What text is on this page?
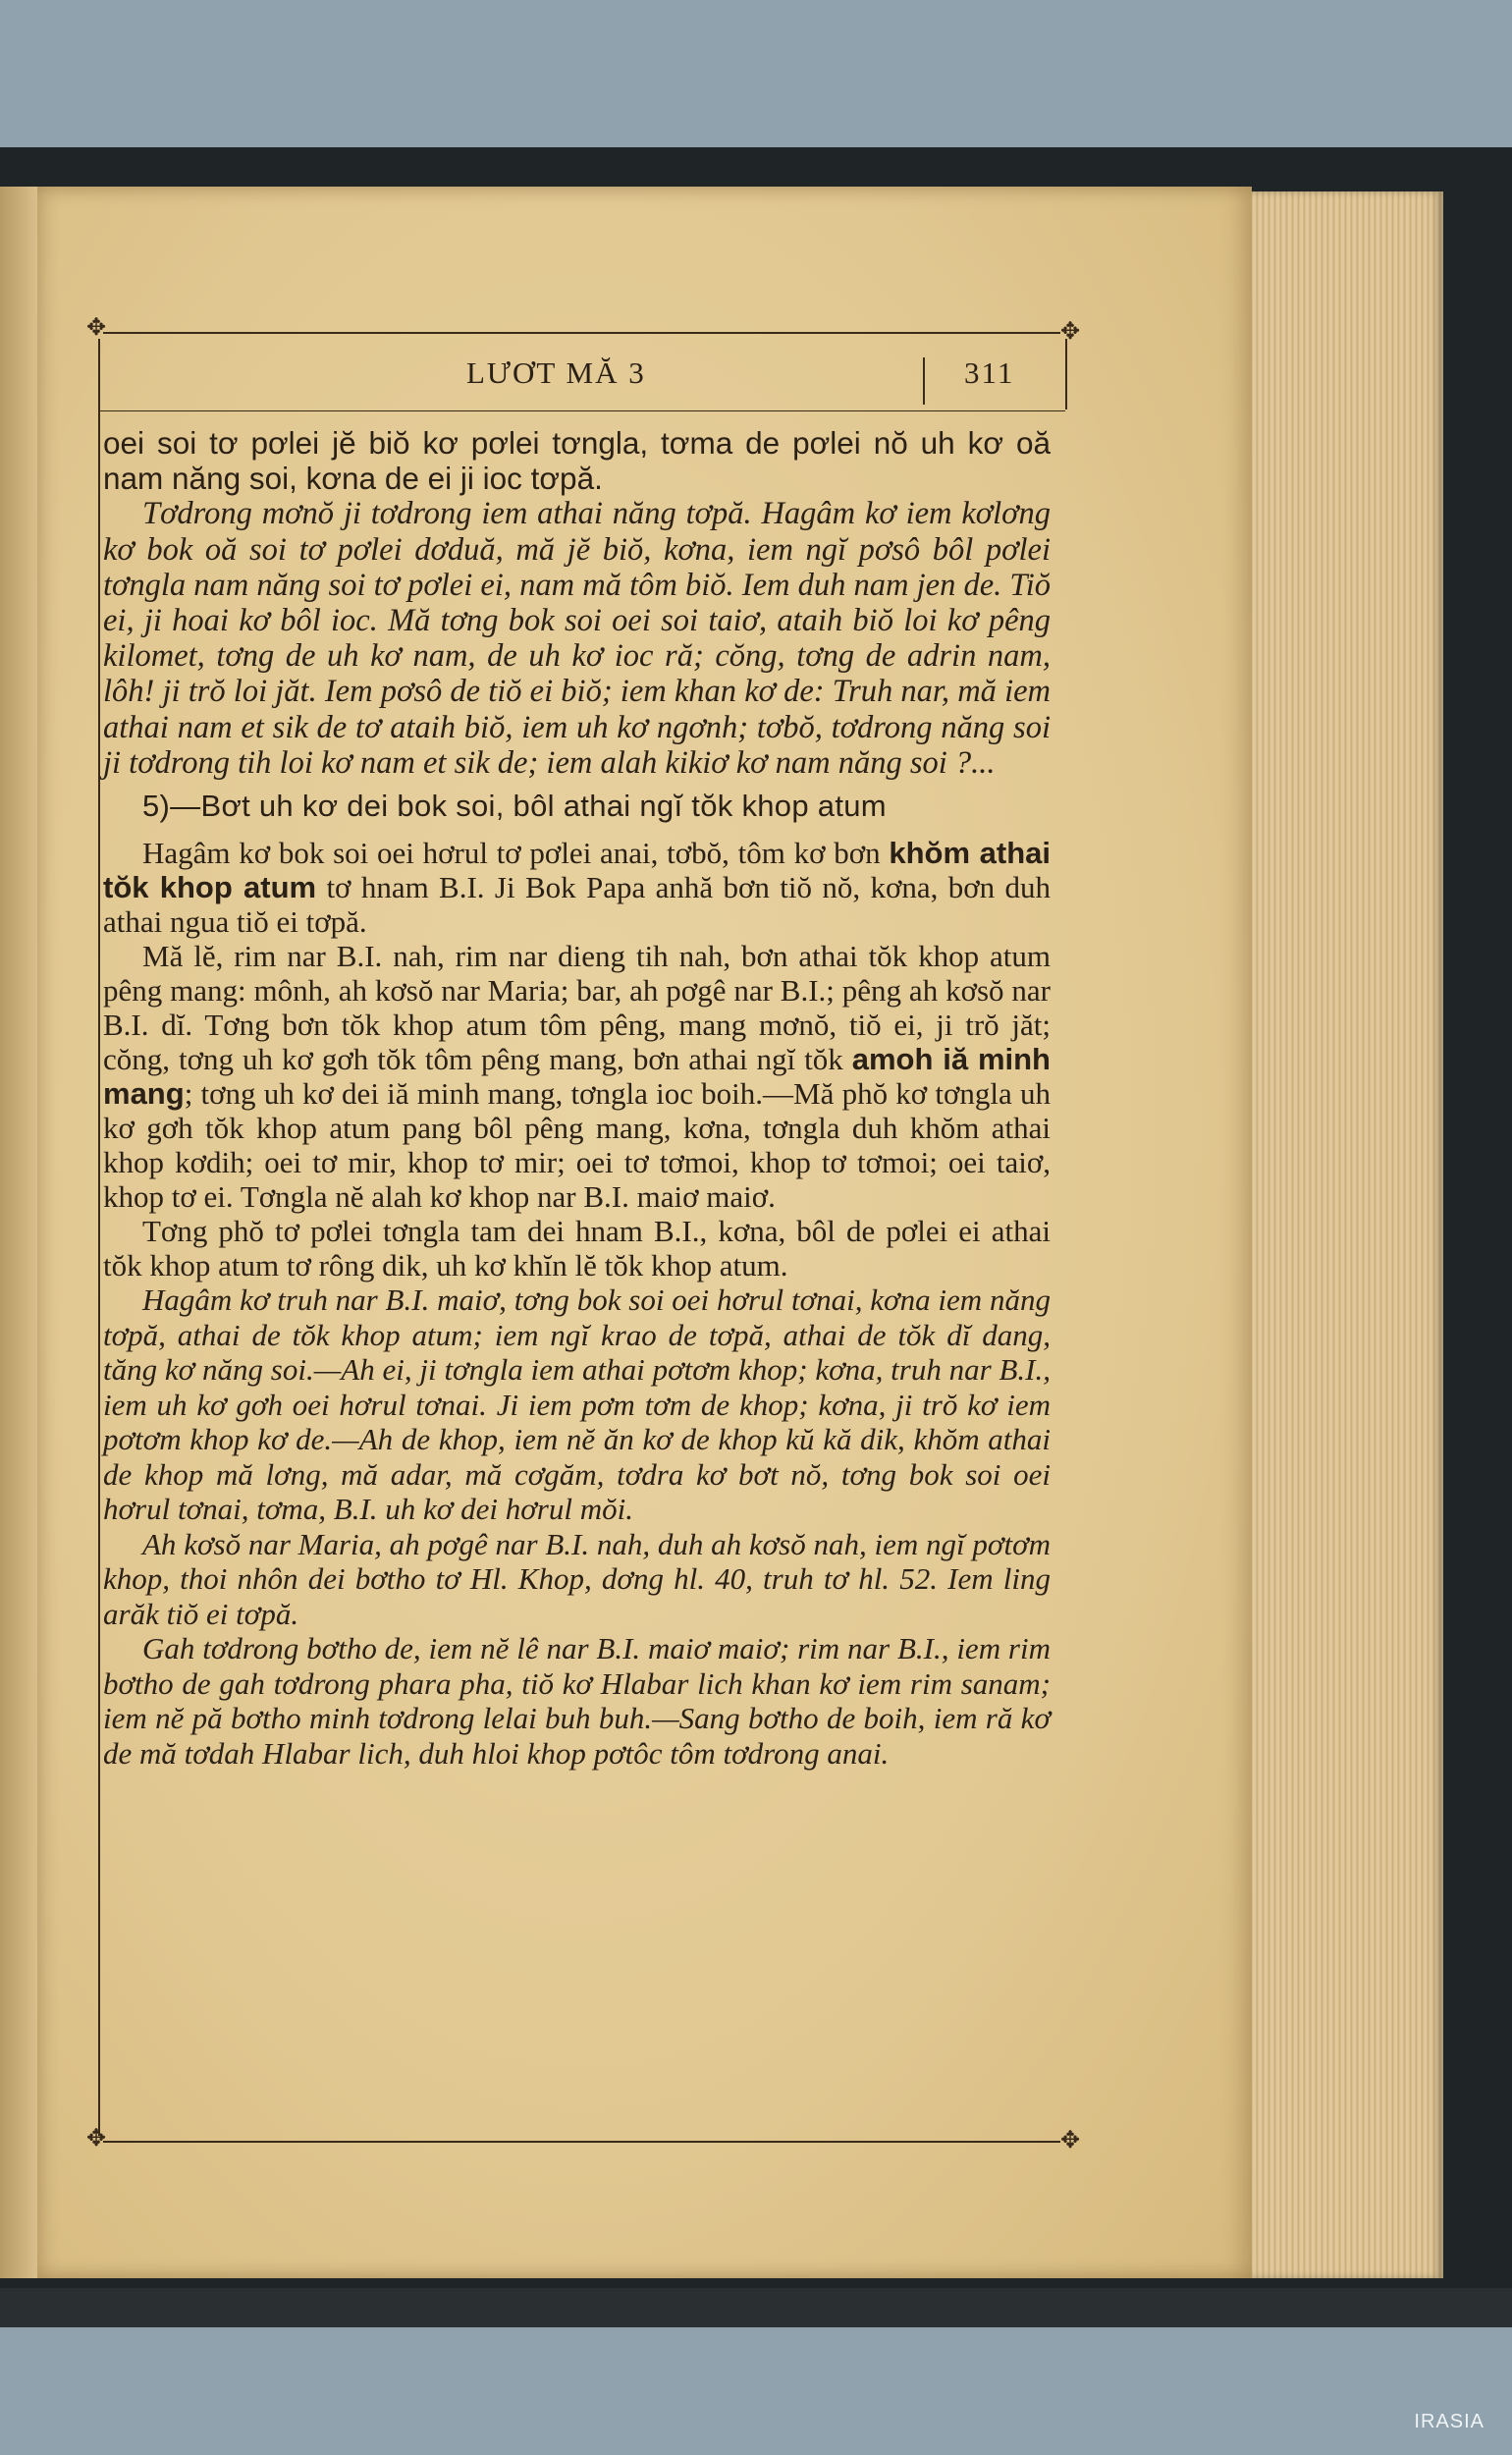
✥	✥
LƯƠT MĂ 3	311

oei soi tơ pơlei jĕ biŏ kơ pơlei tơngla, tơma de pơlei nŏ uh kơ oă nam năng soi, kơna de ei ji ioc tơpă.

Tơdrong mơnŏ ji tơdrong iem athai năng tơpă. Hagâm kơ iem kơlơng kơ bok oă soi tơ pơlei dơduă, mă jĕ biŏ, kơna, iem ngĭ pơsô bôl pơlei tơngla nam năng soi tơ pơlei ei, nam mă tôm biŏ. Iem duh nam jen de. Tiŏ ei, ji hoai kơ bôl ioc. Mă tơng bok soi oei soi taiơ, ataih biŏ loi kơ pêng kilomet, tơng de uh kơ nam, de uh kơ ioc ră; cŏng, tơng de adrin nam, lôh! ji trŏ loi jăt. Iem pơsô de tiŏ ei biŏ; iem khan kơ de: Truh nar, mă iem athai nam et sik de tơ ataih biŏ, iem uh kơ ngơnh; tơbŏ, tơdrong năng soi ji tơdrong tih loi kơ nam et sik de; iem alah kikiơ kơ nam năng soi ?...

5)—Bơt uh kơ dei bok soi, bôl athai ngĭ tŏk khop atum

Hagâm kơ bok soi oei hơrul tơ pơlei anai, tơbŏ, tôm kơ bơn khŏm athai tŏk khop atum tơ hnam B.I. Ji Bok Papa anhă bơn tiŏ nŏ, kơna, bơn duh athai ngua tiŏ ei tơpă.

Mă lĕ, rim nar B.I. nah, rim nar dieng tih nah, bơn athai tŏk khop atum pêng mang: mônh, ah kơsŏ nar Maria; bar, ah pơgê nar B.I.; pêng ah kơsŏ nar B.I. dĭ. Tơng bơn tŏk khop atum tôm pêng, mang mơnŏ, tiŏ ei, ji trŏ jăt; cŏng, tơng uh kơ gơh tŏk tôm pêng mang, bơn athai ngĭ tŏk amoh iă minh mang; tơng uh kơ dei iă minh mang, tơngla ioc boih.—Mă phŏ kơ tơngla uh kơ gơh tŏk khop atum pang bôl pêng mang, kơna, tơngla duh khŏm athai khop kơdih; oei tơ mir, khop tơ mir; oei tơ tơmoi, khop tơ tơmoi; oei taiơ, khop tơ ei. Tơngla nĕ alah kơ khop nar B.I. maiơ maiơ.

Tơng phŏ tơ pơlei tơngla tam dei hnam B.I., kơna, bôl de pơlei ei athai tŏk khop atum tơ rông dik, uh kơ khĭn lĕ tŏk khop atum.

Hagâm kơ truh nar B.I. maiơ, tơng bok soi oei hơrul tơnai, kơna iem năng tơpă, athai de tŏk khop atum; iem ngĭ krao de tơpă, athai de tŏk dĭ dang, tăng kơ năng soi.—Ah ei, ji tơngla iem athai pơtơm khop; kơna, truh nar B.I., iem uh kơ gơh oei hơrul tơnai. Ji iem pơm tơm de khop; kơna, ji trŏ kơ iem pơtơm khop kơ de.—Ah de khop, iem nĕ ăn kơ de khop kŭ kă dik, khŏm athai de khop mă lơng, mă adar, mă cơgăm, tơdra kơ bơt nŏ, tơng bok soi oei hơrul tơnai, tơma, B.I. uh kơ dei hơrul mŏi.

Ah kơsŏ nar Maria, ah pơgê nar B.I. nah, duh ah kơsŏ nah, iem ngĭ pơtơm khop, thoi nhôn dei bơtho tơ Hl. Khop, dơng hl. 40, truh tơ hl. 52. Iem ling arăk tiŏ ei tơpă.

Gah tơdrong bơtho de, iem nĕ lê nar B.I. maiơ maiơ; rim nar B.I., iem rim bơtho de gah tơdrong phara pha, tiŏ kơ Hlabar lich khan kơ iem rim sanam; iem nĕ pă bơtho minh tơdrong lelai buh buh.—Sang bơtho de boih, iem ră kơ de mă tơdah Hlabar lich, duh hloi khop pơtôc tôm tơdrong anai.

✥	✥
IRASIA
